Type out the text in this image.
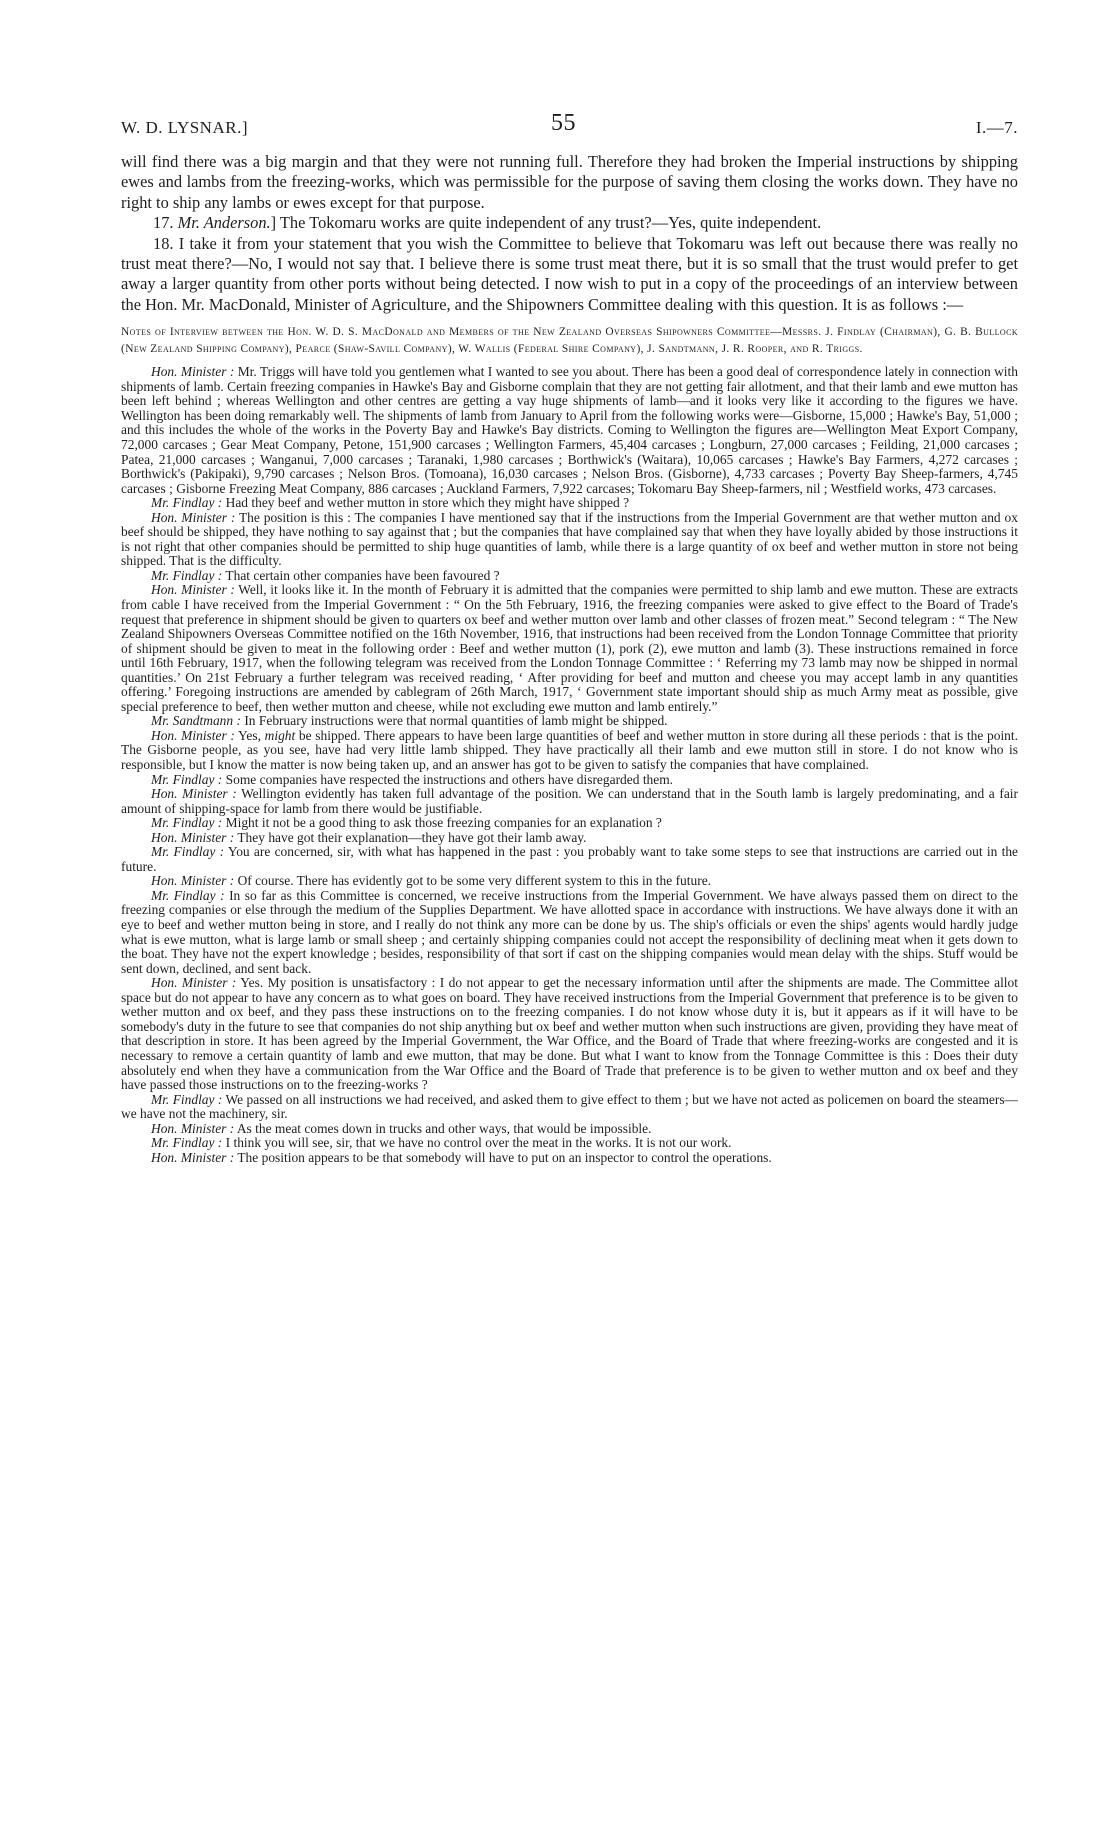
W. D. LYSNAR.]	55	I.—7.

will find there was a big margin and that they were not running full. Therefore they had broken the Imperial instructions by shipping ewes and lambs from the freezing-works, which was permissible for the purpose of saving them closing the works down. They have no right to ship any lambs or ewes except for that purpose.

17. Mr. Anderson.] The Tokomaru works are quite independent of any trust?—Yes, quite independent.

18. I take it from your statement that you wish the Committee to believe that Tokomaru was left out because there was really no trust meat there?—No, I would not say that. I believe there is some trust meat there, but it is so small that the trust would prefer to get away a larger quantity from other ports without being detected. I now wish to put in a copy of the proceedings of an interview between the Hon. Mr. MacDonald, Minister of Agriculture, and the Shipowners Committee dealing with this question. It is as follows :—

Notes of Interview between the Hon. W. D. S. MacDonald and Members of the New Zealand Overseas Shipowners Committee—Messrs. J. Findlay (Chairman), G. B. Bullock (New Zealand Shipping Company), Pearce (Shaw-Savill Company), W. Wallis (Federal Shire Company), J. Sandtmann, J. R. Rooper, and R. Triggs.

Hon. Minister : Mr. Triggs will have told you gentlemen what I wanted to see you about. There has been a good deal of correspondence lately in connection with shipments of lamb. Certain freezing companies in Hawke's Bay and Gisborne complain that they are not getting fair allotment, and that their lamb and ewe mutton has been left behind ; whereas Wellington and other centres are getting a vay huge shipments of lamb—and it looks very like it according to the figures we have. Wellington has been doing remarkably well. The shipments of lamb from January to April from the following works were—Gisborne, 15,000 ; Hawke's Bay, 51,000 ; and this includes the whole of the works in the Poverty Bay and Hawke's Bay districts. Coming to Wellington the figures are—Wellington Meat Export Company, 72,000 carcases ; Gear Meat Company, Petone, 151,900 carcases ; Wellington Farmers, 45,404 carcases ; Longburn, 27,000 carcases ; Feilding, 21,000 carcases ; Patea, 21,000 carcases ; Wanganui, 7,000 carcases ; Taranaki, 1,980 carcases ; Borthwick's (Waitara), 10,065 carcases ; Hawke's Bay Farmers, 4,272 carcases ; Borthwick's (Pakipaki), 9,790 carcases ; Nelson Bros. (Tomoana), 16,030 carcases ; Nelson Bros. (Gisborne), 4,733 carcases ; Poverty Bay Sheep-farmers, 4,745 carcases ; Gisborne Freezing Meat Company, 886 carcases ; Auckland Farmers, 7,922 carcases; Tokomaru Bay Sheep-farmers, nil ; Westfield works, 473 carcases.

Mr. Findlay : Had they beef and wether mutton in store which they might have shipped ?

Hon. Minister : The position is this : The companies I have mentioned say that if the instructions from the Imperial Government are that wether mutton and ox beef should be shipped, they have nothing to say against that ; but the companies that have complained say that when they have loyally abided by those instructions it is not right that other companies should be permitted to ship huge quantities of lamb, while there is a large quantity of ox beef and wether mutton in store not being shipped. That is the difficulty.

Mr. Findlay : That certain other companies have been favoured ?

Hon. Minister : Well, it looks like it. In the month of February it is admitted that the companies were permitted to ship lamb and ewe mutton. These are extracts from cable I have received from the Imperial Government : “ On the 5th February, 1916, the freezing companies were asked to give effect to the Board of Trade's request that preference in shipment should be given to quarters ox beef and wether mutton over lamb and other classes of frozen meat.” Second telegram : “ The New Zealand Shipowners Overseas Committee notified on the 16th November, 1916, that instructions had been received from the London Tonnage Committee that priority of shipment should be given to meat in the following order : Beef and wether mutton (1), pork (2), ewe mutton and lamb (3). These instructions remained in force until 16th February, 1917, when the following telegram was received from the London Tonnage Committee : ‘ Referring my 73 lamb may now be shipped in normal quantities.’ On 21st February a further telegram was received reading, ‘ After providing for beef and mutton and cheese you may accept lamb in any quantities offering.’ Foregoing instructions are amended by cablegram of 26th March, 1917, ‘ Government state important should ship as much Army meat as possible, give special preference to beef, then wether mutton and cheese, while not excluding ewe mutton and lamb entirely.”

Mr. Sandtmann : In February instructions were that normal quantities of lamb might be shipped.

Hon. Minister : Yes, might be shipped. There appears to have been large quantities of beef and wether mutton in store during all these periods : that is the point. The Gisborne people, as you see, have had very little lamb shipped. They have practically all their lamb and ewe mutton still in store. I do not know who is responsible, but I know the matter is now being taken up, and an answer has got to be given to satisfy the companies that have complained.

Mr. Findlay : Some companies have respected the instructions and others have disregarded them.

Hon. Minister : Wellington evidently has taken full advantage of the position. We can understand that in the South lamb is largely predominating, and a fair amount of shipping-space for lamb from there would be justifiable.

Mr. Findlay : Might it not be a good thing to ask those freezing companies for an explanation ?

Hon. Minister : They have got their explanation—they have got their lamb away.

Mr. Findlay : You are concerned, sir, with what has happened in the past : you probably want to take some steps to see that instructions are carried out in the future.

Hon. Minister : Of course. There has evidently got to be some very different system to this in the future.

Mr. Findlay : In so far as this Committee is concerned, we receive instructions from the Imperial Government. We have always passed them on direct to the freezing companies or else through the medium of the Supplies Department. We have allotted space in accordance with instructions. We have always done it with an eye to beef and wether mutton being in store, and I really do not think any more can be done by us. The ship's officials or even the ships' agents would hardly judge what is ewe mutton, what is large lamb or small sheep ; and certainly shipping companies could not accept the responsibility of declining meat when it gets down to the boat. They have not the expert knowledge ; besides, responsibility of that sort if cast on the shipping companies would mean delay with the ships. Stuff would be sent down, declined, and sent back.

Hon. Minister : Yes. My position is unsatisfactory : I do not appear to get the necessary information until after the shipments are made. The Committee allot space but do not appear to have any concern as to what goes on board. They have received instructions from the Imperial Government that preference is to be given to wether mutton and ox beef, and they pass these instructions on to the freezing companies. I do not know whose duty it is, but it appears as if it will have to be somebody's duty in the future to see that companies do not ship anything but ox beef and wether mutton when such instructions are given, providing they have meat of that description in store. It has been agreed by the Imperial Government, the War Office, and the Board of Trade that where freezing-works are congested and it is necessary to remove a certain quantity of lamb and ewe mutton, that may be done. But what I want to know from the Tonnage Committee is this : Does their duty absolutely end when they have a communication from the War Office and the Board of Trade that preference is to be given to wether mutton and ox beef and they have passed those instructions on to the freezing-works ?

Mr. Findlay : We passed on all instructions we had received, and asked them to give effect to them ; but we have not acted as policemen on board the steamers—we have not the machinery, sir.

Hon. Minister : As the meat comes down in trucks and other ways, that would be impossible.

Mr. Findlay : I think you will see, sir, that we have no control over the meat in the works. It is not our work.

Hon. Minister : The position appears to be that somebody will have to put on an inspector to control the operations.
